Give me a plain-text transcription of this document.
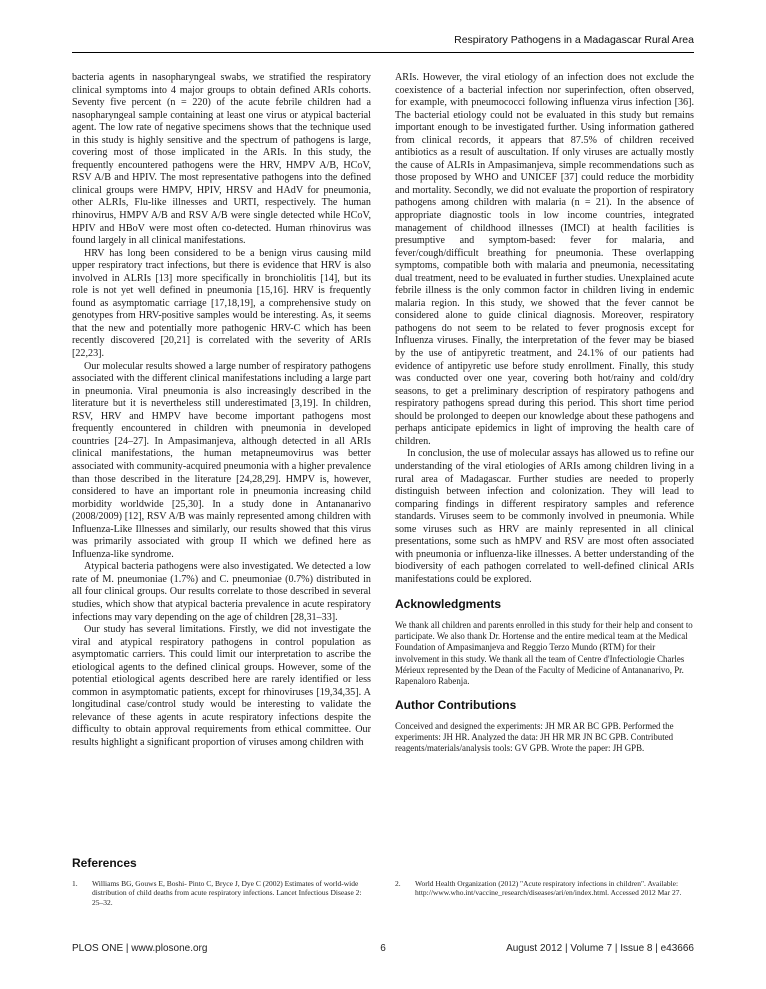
Respiratory Pathogens in a Madagascar Rural Area

bacteria agents in nasopharyngeal swabs, we stratified the respiratory clinical symptoms into 4 major groups to obtain defined ARIs cohorts. Seventy five percent (n = 220) of the acute febrile children had a nasopharyngeal sample containing at least one virus or atypical bacterial agent. The low rate of negative specimens shows that the technique used in this study is highly sensitive and the spectrum of pathogens is large, covering most of those implicated in the ARIs. In this study, the frequently encountered pathogens were the HRV, HMPV A/B, HCoV, RSV A/B and HPIV. The most representative pathogens into the defined clinical groups were HMPV, HPIV, HRSV and HAdV for pneumonia, other ALRIs, Flu-like illnesses and URTI, respectively. The human rhinovirus, HMPV A/B and RSV A/B were single detected while HCoV, HPIV and HBoV were most often co-detected. Human rhinovirus was found largely in all clinical manifestations.

HRV has long been considered to be a benign virus causing mild upper respiratory tract infections, but there is evidence that HRV is also involved in ALRIs [13] more specifically in bronchiolitis [14], but its role is not yet well defined in pneumonia [15,16]. HRV is frequently found as asymptomatic carriage [17,18,19], a comprehensive study on genotypes from HRV-positive samples would be interesting. As, it seems that the new and potentially more pathogenic HRV-C which has been recently discovered [20,21] is correlated with the severity of ARIs [22,23].

Our molecular results showed a large number of respiratory pathogens associated with the different clinical manifestations including a large part in pneumonia. Viral pneumonia is also increasingly described in the literature but it is nevertheless still underestimated [3,19]. In children, RSV, HRV and HMPV have become important pathogens most frequently encountered in children with pneumonia in developed countries [24–27]. In Ampasimanjeva, although detected in all ARIs clinical manifestations, the human metapneumovirus was better associated with community-acquired pneumonia with a higher prevalence than those described in the literature [24,28,29]. HMPV is, however, considered to have an important role in pneumonia increasing child morbidity worldwide [25,30]. In a study done in Antananarivo (2008/2009) [12], RSV A/B was mainly represented among children with Influenza-Like Illnesses and similarly, our results showed that this virus was primarily associated with group II which we defined here as Influenza-like syndrome.

Atypical bacteria pathogens were also investigated. We detected a low rate of M. pneumoniae (1.7%) and C. pneumoniae (0.7%) distributed in all four clinical groups. Our results correlate to those described in several studies, which show that atypical bacteria prevalence in acute respiratory infections may vary depending on the age of children [28,31–33].

Our study has several limitations. Firstly, we did not investigate the viral and atypical respiratory pathogens in control population as asymptomatic carriers. This could limit our interpretation to ascribe the etiological agents to the defined clinical groups. However, some of the potential etiological agents described here are rarely identified or less common in asymptomatic patients, except for rhinoviruses [19,34,35]. A longitudinal case/control study would be interesting to validate the relevance of these agents in acute respiratory infections despite the difficulty to obtain approval requirements from ethical committee. Our results highlight a significant proportion of viruses among children with

ARIs. However, the viral etiology of an infection does not exclude the coexistence of a bacterial infection nor superinfection, often observed, for example, with pneumococci following influenza virus infection [36]. The bacterial etiology could not be evaluated in this study but remains important enough to be investigated further. Using information gathered from clinical records, it appears that 87.5% of children received antibiotics as a result of auscultation. If only viruses are actually mostly the cause of ALRIs in Ampasimanjeva, simple recommendations such as those proposed by WHO and UNICEF [37] could reduce the morbidity and mortality. Secondly, we did not evaluate the proportion of respiratory pathogens among children with malaria (n = 21). In the absence of appropriate diagnostic tools in low income countries, integrated management of childhood illnesses (IMCI) at health facilities is presumptive and symptom-based: fever for malaria, and fever/cough/difficult breathing for pneumonia. These overlapping symptoms, compatible both with malaria and pneumonia, necessitating dual treatment, need to be evaluated in further studies. Unexplained acute febrile illness is the only common factor in children living in endemic malaria region. In this study, we showed that the fever cannot be considered alone to guide clinical diagnosis. Moreover, respiratory pathogens do not seem to be related to fever prognosis except for Influenza viruses. Finally, the interpretation of the fever may be biased by the use of antipyretic treatment, and 24.1% of our patients had evidence of antipyretic use before study enrollment. Finally, this study was conducted over one year, covering both hot/rainy and cold/dry seasons, to get a preliminary description of respiratory pathogens and respiratory pathogens spread during this period. This short time period should be prolonged to deepen our knowledge about these pathogens and perhaps anticipate epidemics in light of improving the health care of children.

In conclusion, the use of molecular assays has allowed us to refine our understanding of the viral etiologies of ARIs among children living in a rural area of Madagascar. Further studies are needed to properly distinguish between infection and colonization. They will lead to comparing findings in different respiratory samples and reference standards. Viruses seem to be commonly involved in pneumonia. While some viruses such as HRV are mainly represented in all clinical presentations, some such as hMPV and RSV are most often associated with pneumonia or influenza-like illnesses. A better understanding of the biodiversity of each pathogen correlated to well-defined clinical ARIs manifestations could be explored.

Acknowledgments

We thank all children and parents enrolled in this study for their help and consent to participate. We also thank Dr. Hortense and the entire medical team at the Medical Foundation of Ampasimanjeva and Reggio Terzo Mundo (RTM) for their involvement in this study. We thank all the team of Centre d'Infectiologie Charles Mérieux represented by the Dean of the Faculty of Medicine of Antananarivo, Pr. Rapenaloro Rabenja.

Author Contributions

Conceived and designed the experiments: JH MR AR BC GPB. Performed the experiments: JH HR. Analyzed the data: JH HR MR JN BC GPB. Contributed reagents/materials/analysis tools: GV GPB. Wrote the paper: JH GPB.

References
1. Williams BG, Gouws E, Boshi- Pinto C, Bryce J, Dye C (2002) Estimates of world-wide distribution of child deaths from acute respiratory infections. Lancet Infectious Disease 2: 25–32.
2. World Health Organization (2012) "Acute respiratory infections in children". Available: http://www.who.int/vaccine_research/diseases/ari/en/index.html. Accessed 2012 Mar 27.
PLOS ONE | www.plosone.org	6	August 2012 | Volume 7 | Issue 8 | e43666
